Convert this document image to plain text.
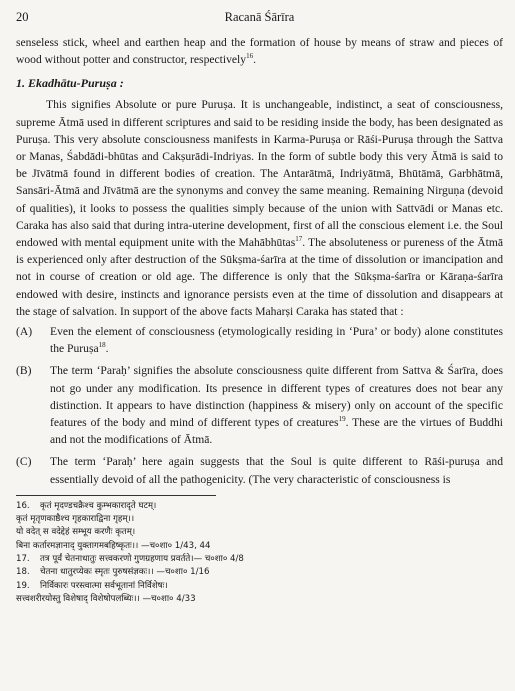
20	Racanā Śārīra

senseless stick, wheel and earthen heap and the formation of house by means of straw and pieces of wood without potter and constructor, respectively$^{16}$.

1. Ekadhātu-Puruṣa :

This signifies Absolute or pure Puruṣa. It is unchangeable, indistinct, a seat of consciousness, supreme Ātmā used in different scriptures and said to be residing inside the body, has been designated as Puruṣa. This very absolute consciousness manifests in Karma-Puruṣa or Rāśi-Puruṣa through the Sattva or Manas, Śabdādi-bhūtas and Cakṣurādi-Indriyas. In the form of subtle body this very Ātmā is said to be Jīvātmā found in different bodies of creation. The Antarātmā, Indriyātmā, Bhūtāmā, Garbhātmā, Sansāri-Ātmā and Jīvātmā are the synonyms and convey the same meaning. Remaining Nirguṇa (devoid of qualities), it looks to possess the qualities simply because of the union with Sattvādi or Manas etc. Caraka has also said that during intra-uterine development, first of all the conscious element i.e. the Soul endowed with mental equipment unite with the Mahābhūtas$^{17}$. The absoluteness or pureness of the Ātmā is experienced only after destruction of the Sūkṣma-śarīra at the time of dissolution or imancipation and not in course of creation or old age. The difference is only that the Sūkṣma-śarīra or Kāraṇa-śarīra endowed with desire, instincts and ignorance persists even at the time of dissolution and disappears at the stage of salvation. In support of the above facts Maharṣi Caraka has stated that :

(A)	Even the element of consciousness (etymologically residing in ‘Pura’ or body) alone constitutes the Puruṣa$^{18}$.
(B)	The term ‘Paraḥ’ signifies the absolute consciousness quite different from Sattva & Śarīra, does not go under any modification. Its presence in different types of creatures does not bear any distinction. It appears to have distinction (happiness & misery) only on account of the specific features of the body and mind of different types of creatures$^{19}$. These are the virtues of Buddhi and not the modifications of Ātmā.
(C)	The term ‘Paraḥ’ here again suggests that the Soul is quite different to Rāśi-puruṣa and essentially devoid of all the pathogenicity. (The very characteristic of consciousness is
16. कृतं मृदण्डचक्रैश्च कुम्भकारादृते घटम्।
कृतं मृतृणकाष्ठैश्च गृहकाराद्विना गृहम्।।
यो वदेत् स वदेद्देहं सम्भूय करणैः कृतम्।
बिना कर्तारमज्ञानाद् युक्तागमबहिष्कृतः।। —च०शा० 1/43, 44
17. तत्र पूर्वं चेतनाधातुः सत्त्वकरणो गुणग्रहणाय प्रवर्तते।— च०शा० 4/8
18. चेतना धातुरप्येकः स्मृतः पुरुषसंज्ञकः।। —च०शा० 1/16
19. निर्विकारः परस्त्वात्मा सर्वभूतानां निर्विशेषः।
सत्त्वशरीरयोस्तु विशेषाद् विशेषोपलब्धिः।। —च०शा० 4/33
